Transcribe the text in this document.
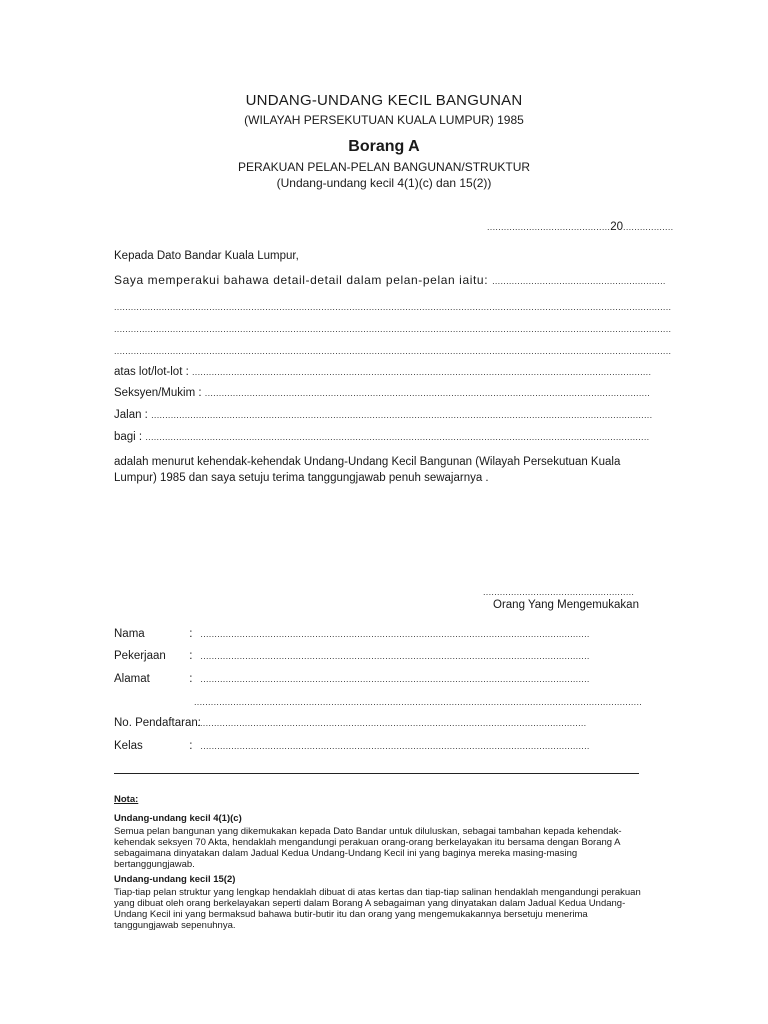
UNDANG-UNDANG KECIL BANGUNAN
(WILAYAH PERSEKUTUAN KUALA LUMPUR) 1985
Borang A
PERAKUAN PELAN-PELAN BANGUNAN/STRUKTUR
(Undang-undang kecil 4(1)(c) dan 15(2))
............................................20..................
Kepada Dato Bandar Kuala Lumpur,
Saya memperakui bahawa detail-detail dalam pelan-pelan iaitu: ..............................................................
.......................................................................................................................................................................................................
.......................................................................................................................................................................................................
.......................................................................................................................................................................................................
atas lot/lot-lot : ....................................................................................................................................................................
Seksyen/Mukim : ...............................................................................................................................................................
Jalan : ...................................................................................................................................................................................
bagi : ....................................................................................................................................................................................
adalah menurut kehendak-kehendak Undang-Undang Kecil Bangunan (Wilayah Persekutuan Kuala Lumpur) 1985 dan saya setuju terima tanggungjawab penuh sewajarnya .
......................................................
Orang Yang Mengemukakan
Nama	: ...........................................................................................................................................
Pekerjaan : ...........................................................................................................................................
Alamat	: ...........................................................................................................................................
................................................................................................................................................................
No. Pendaftaran: ...........................................................................................................................................
Kelas	: ...........................................................................................................................................
Nota:
Undang-undang kecil 4(1)(c)
Semua pelan bangunan yang dikemukakan kepada Dato Bandar untuk diluluskan, sebagai tambahan kepada kehendak-kehendak seksyen 70 Akta, hendaklah mengandungi perakuan orang-orang berkelayakan itu bersama dengan Borang A sebagaimana dinyatakan dalam Jadual Kedua Undang-Undang Kecil ini yang baginya mereka masing-masing bertanggungjawab.
Undang-undang kecil 15(2)
Tiap-tiap pelan struktur yang lengkap hendaklah dibuat di atas kertas dan tiap-tiap salinan hendaklah mengandungi perakuan yang dibuat oleh orang berkelayakan seperti dalam Borang A sebagaiman yang dinyatakan dalam Jadual Kedua Undang-Undang Kecil ini yang bermaksud bahawa butir-butir itu dan orang yang mengemukakannya bersetuju menerima tanggungjawab sepenuhnya.
